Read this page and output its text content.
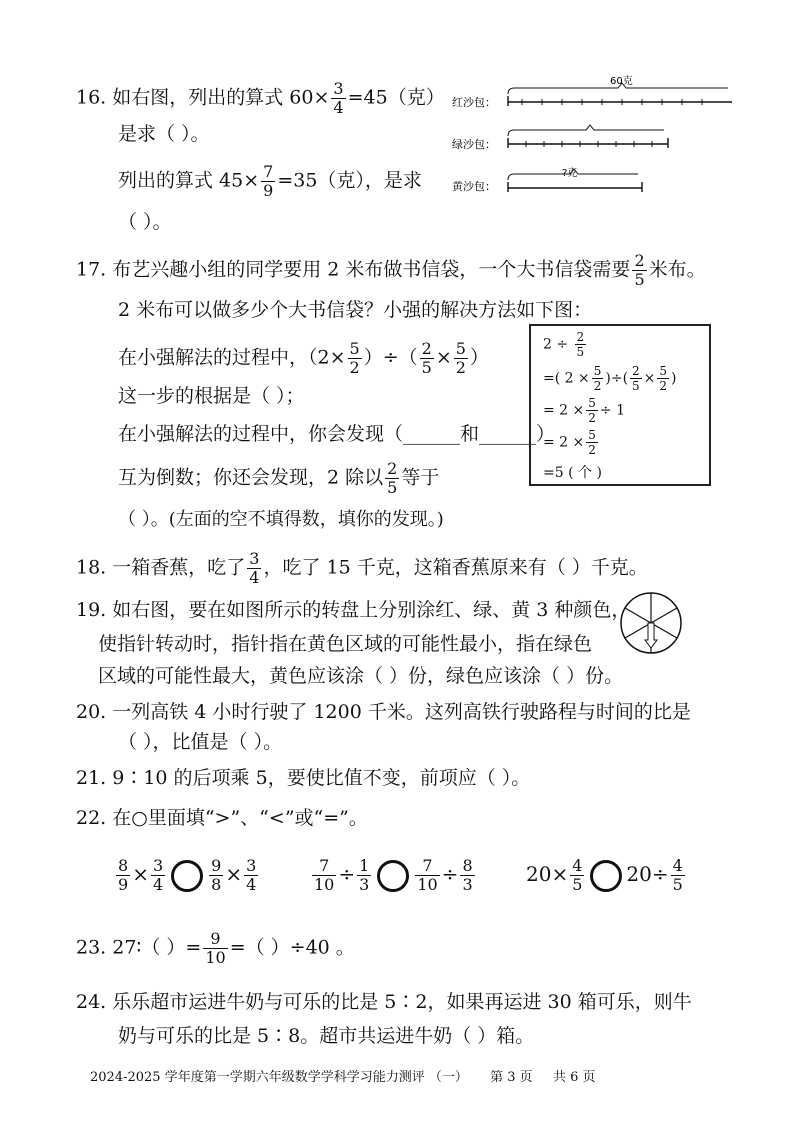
16. 如右图，列出的算式 $60\times \frac{3}{4} =45$（克）
是求（ ）。
列出的算式 $45\times \frac{7}{9} =35$（克），是求
（ ）。
红沙包：
绿沙包：
黄沙包：
60克
?克
17. 布艺兴趣小组的同学要用 2 米布做书信袋，一个大书信袋需要 $\frac{2}{5}$ 米布。
2 米布可以做多少个大书信袋？小强的解决方法如下图：
在小强解法的过程中，（$2\times \frac{5}{2}$ ）÷（ $\frac{2}{5} \times \frac{5}{2}$ ）
这一步的根据是（ ）；
在小强解法的过程中，你会发现（______和______）
互为倒数；你还会发现，2 除以 $\frac{2}{5}$ 等于
（ ）。(左面的空不填得数，填你的发现。)
$2 \div \frac{2}{5}$
=( $2 \times \frac{5}{2}$ )÷( $\frac{2}{5} \times \frac{5}{2}$ )
= $2 \times \frac{5}{2} \div 1$
= $2 \times \frac{5}{2}$
=5 ( 个 )
18. 一箱香蕉，吃了 $\frac{3}{4}$ ，吃了 15 千克，这箱香蕉原来有（ ）千克。
19. 如右图，要在如图所示的转盘上分别涂红、绿、黄 3 种颜色，
使指针转动时，指针指在黄色区域的可能性最小，指在绿色
区域的可能性最大，黄色应该涂（ ）份，绿色应该涂（ ）份。
20. 一列高铁 4 小时行驶了 1200 千米。这列高铁行驶路程与时间的比是
（ ），比值是（ ）。
21. 9∶10 的后项乘 5，要使比值不变，前项应（ ）。
22. 在○里面填“>”、“<”或“=”。
$\frac{8}{9} \times \frac{3}{4}$	$\frac{9}{8} \times \frac{3}{4}$	$\frac{7}{10} \div \frac{1}{3}$	$\frac{7}{10} \div \frac{8}{3}$	$20\times \frac{4}{5} 20\div \frac{4}{5}$
23. 27∶（ ）= $\frac{9}{10}$ =（ ）÷40 。
24. 乐乐超市运进牛奶与可乐的比是 5∶2，如果再运进 30 箱可乐，则牛
奶与可乐的比是 5∶8。超市共运进牛奶（ ）箱。
2024-2025 学年度第一学期六年级数学学科学习能力测评 （一） 第 3 页 共 6 页
